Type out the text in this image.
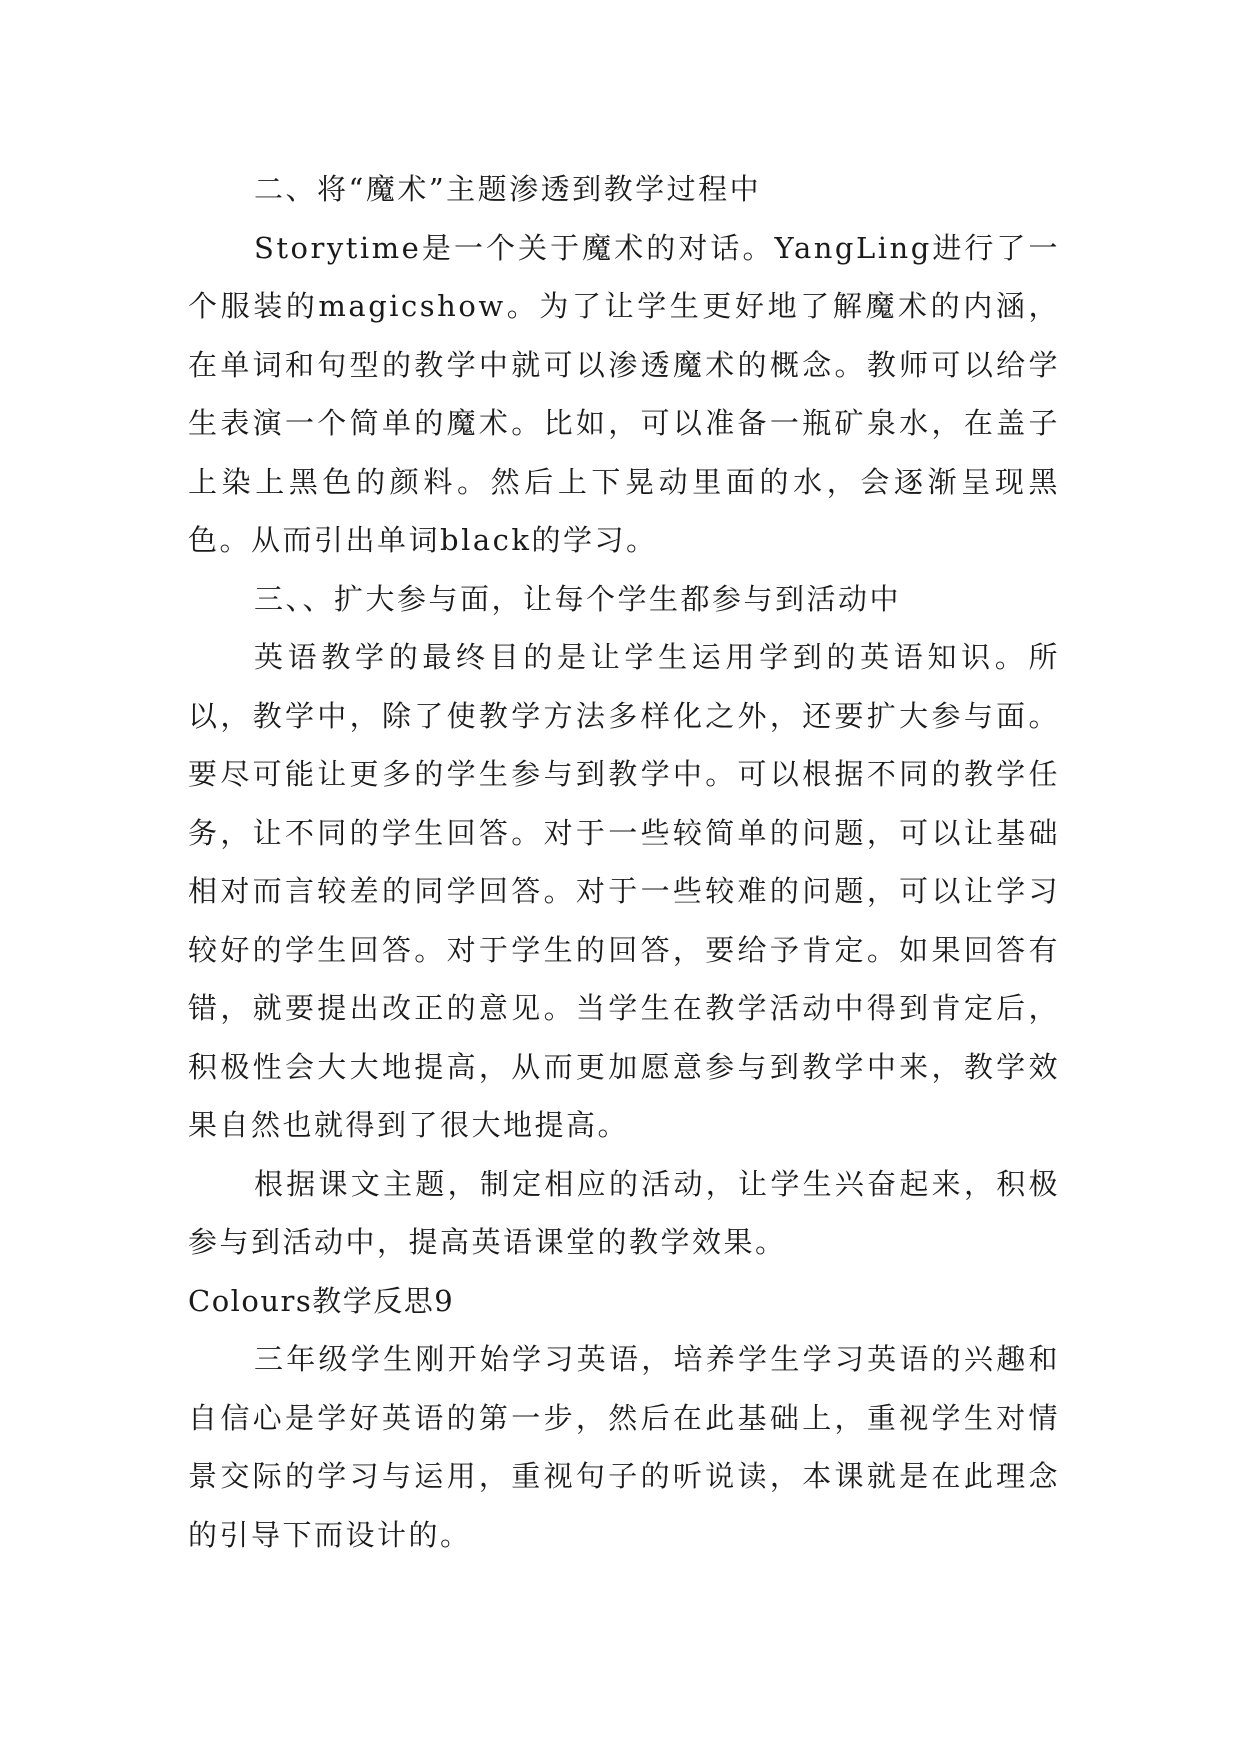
二、将“魔术”主题渗透到教学过程中

Storytime是一个关于魔术的对话。YangLing进行了一个服装的magicshow。为了让学生更好地了解魔术的内涵，在单词和句型的教学中就可以渗透魔术的概念。教师可以给学生表演一个简单的魔术。比如，可以准备一瓶矿泉水，在盖子上染上黑色的颜料。然后上下晃动里面的水，会逐渐呈现黑色。从而引出单词black的学习。

三、、扩大参与面，让每个学生都参与到活动中

英语教学的最终目的是让学生运用学到的英语知识。所以，教学中，除了使教学方法多样化之外，还要扩大参与面。要尽可能让更多的学生参与到教学中。可以根据不同的教学任务，让不同的学生回答。对于一些较简单的问题，可以让基础相对而言较差的同学回答。对于一些较难的问题，可以让学习较好的学生回答。对于学生的回答，要给予肯定。如果回答有错，就要提出改正的意见。当学生在教学活动中得到肯定后，积极性会大大地提高，从而更加愿意参与到教学中来，教学效果自然也就得到了很大地提高。

根据课文主题，制定相应的活动，让学生兴奋起来，积极参与到活动中，提高英语课堂的教学效果。

Colours教学反思9

三年级学生刚开始学习英语，培养学生学习英语的兴趣和自信心是学好英语的第一步，然后在此基础上，重视学生对情景交际的学习与运用，重视句子的听说读，本课就是在此理念的引导下而设计的。
